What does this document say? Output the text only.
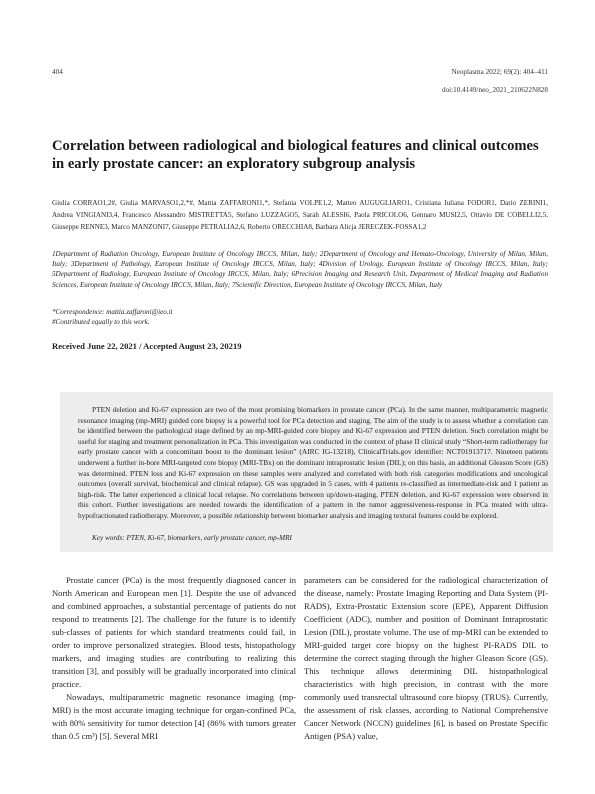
404	Neoplasma 2022; 69(2): 404–411
doi:10.4149/neo_2021_210622N828
Correlation between radiological and biological features and clinical outcomes
in early prostate cancer: an exploratory subgroup analysis
Giulia CORRAO1,2#, Giulia MARVASO1,2,*#, Mattia ZAFFARONI1,*, Stefania VOLPE1,2, Matteo AUGUGLIARO1, Cristiana Iuliana FODOR1, Dario ZERINI1, Andrea VINGIANI3,4, Francesco Alessandro MISTRETTA5, Stefano LUZZAGO5, Sarah ALESSI6, Paola PRICOLO6, Gennaro MUSI2,5, Ottavio DE COBELLI2,5, Giuseppe RENNE3, Marco MANZONI7, Giuseppe PETRALIA2,6, Roberto ORECCHIA8, Barbara Alicja JERECZEK-FOSSA1,2
1Department of Radiation Oncology, European Institute of Oncology IRCCS, Milan, Italy; 2Department of Oncology and Hemato-Oncology, University of Milan, Milan, Italy; 3Department of Pathology, European Institute of Oncology IRCCS, Milan, Italy; 4Division of Urology, European Institute of Oncology IRCCS, Milan, Italy; 5Department of Radiology, European Institute of Oncology IRCCS, Milan, Italy; 6Precision Imaging and Research Unit, Department of Medical Imaging and Radiation Sciences, European Institute of Oncology IRCCS, Milan, Italy; 7Scientific Direction, European Institute of Oncology IRCCS, Milan, Italy
*Correspondence: mattia.zaffaroni@ieo.it
#Contributed equally to this work.
Received June 22, 2021 / Accepted August 23, 20219
PTEN deletion and Ki-67 expression are two of the most promising biomarkers in prostate cancer (PCa). In the same manner, multiparametric magnetic resonance imaging (mp-MRI) guided core biopsy is a powerful tool for PCa detection and staging. The aim of the study is to assess whether a correlation can be identified between the pathological stage defined by an mp-MRI-guided core biopsy and Ki-67 expression and PTEN deletion. Such correlation might be useful for staging and treatment personalization in PCa. This investigation was conducted in the context of phase II clinical study “Short-term radiotherapy for early prostate cancer with a concomitant boost to the dominant lesion” (AIRC IG-13218), ClinicalTrials.gov identifier: NCT01913717. Nineteen patients underwent a further in-bore MRI-targeted core biopsy (MRI-TBx) on the dominant intraprostatic lesion (DIL); on this basis, an additional Gleason Score (GS) was determined. PTEN loss and Ki-67 expression on these samples were analyzed and correlated with both risk categories modifications and oncological outcomes (overall survival, biochemical and clinical relapse). GS was upgraded in 5 cases, with 4 patients re-classified as intermediate-risk and 1 patient as high-risk. The latter experienced a clinical local relapse. No correlations between up/down-staging, PTEN deletion, and Ki-67 expression were observed in this cohort. Further investigations are needed towards the identification of a pattern in the tumor aggressiveness-response in PCa treated with ultra-hypofractionated radiotherapy. Moreover, a possible relationship between biomarker analysis and imaging textural features could be explored.
Key words: PTEN, Ki-67, biomarkers, early prostate cancer, mp-MRI

Prostate cancer (PCa) is the most frequently diagnosed cancer in North American and European men [1]. Despite the use of advanced and combined approaches, a substantial percentage of patients do not respond to treatments [2]. The challenge for the future is to identify sub-classes of patients for which standard treatments could fail, in order to improve personalized strategies. Blood tests, histopathology markers, and imaging studies are contributing to realizing this transition [3], and possibly will be gradually incorporated into clinical practice.

Nowadays, multiparametric magnetic resonance imaging (mp-MRI) is the most accurate imaging technique for organ-confined PCa, with 80% sensitivity for tumor detection [4] (86% with tumors greater than 0.5 cm³) [5]. Several MRI

parameters can be considered for the radiological characterization of the disease, namely: Prostate Imaging Reporting and Data System (PI-RADS), Extra-Prostatic Extension score (EPE), Apparent Diffusion Coefficient (ADC), number and position of Dominant Intraprostatic Lesion (DIL), prostate volume. The use of mp-MRI can be extended to MRI-guided target core biopsy on the highest PI-RADS DIL to determine the correct staging through the higher Gleason Score (GS). This technique allows determining DIL histopathological characteristics with high precision, in contrast with the more commonly used transrectal ultrasound core biopsy (TRUS). Currently, the assessment of risk classes, according to National Comprehensive Cancer Network (NCCN) guidelines [6], is based on Prostate Specific Antigen (PSA) value,
